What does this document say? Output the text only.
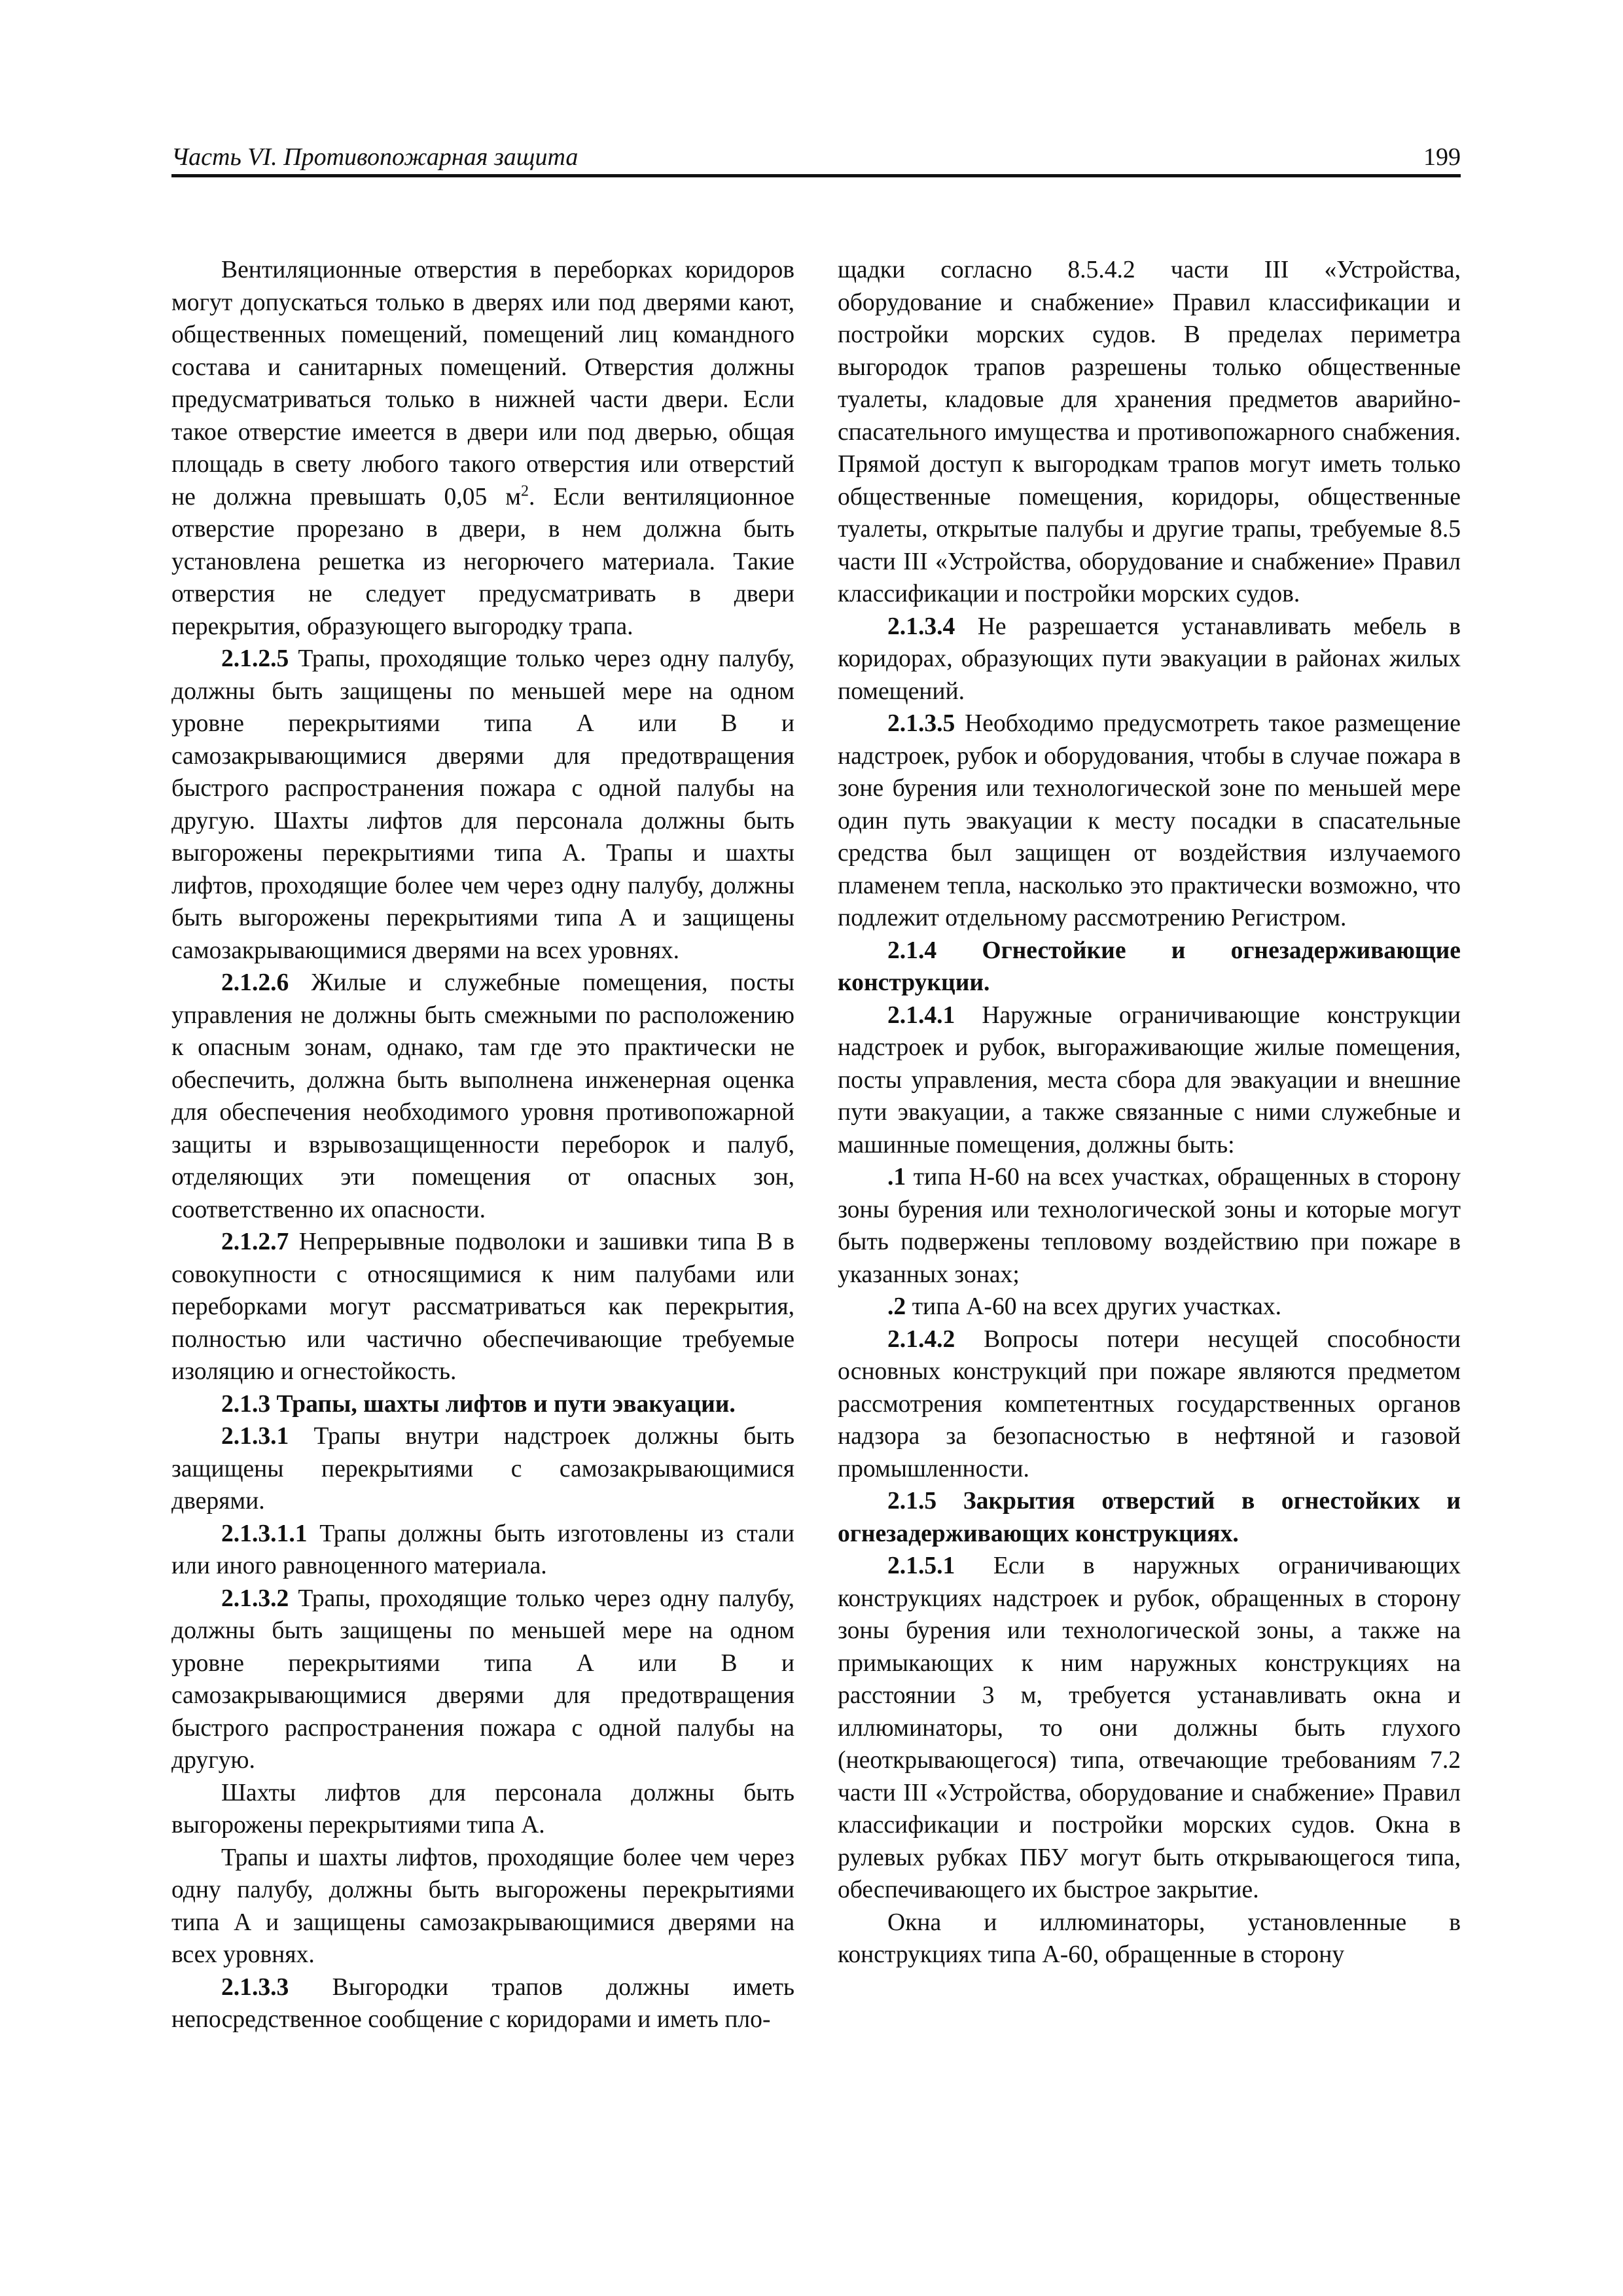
Часть VI. Противопожарная защита	199

Вентиляционные отверстия в переборках коридоров могут допускаться только в дверях или под дверями кают, общественных помещений, помещений лиц командного состава и санитарных помещений. Отверстия должны предусматриваться только в нижней части двери. Если такое отверстие имеется в двери или под дверью, общая площадь в свету любого такого отверстия или отверстий не должна превышать 0,05 $м^2$. Если вентиляционное отверстие прорезано в двери, в нем должна быть установлена решетка из негорючего материала. Такие отверстия не следует предусматривать в двери перекрытия, образующего выгородку трапа.

2.1.2.5 Трапы, проходящие только через одну палубу, должны быть защищены по меньшей мере на одном уровне перекрытиями типа А или В и самозакрывающимися дверями для предотвращения быстрого распространения пожара с одной палубы на другую. Шахты лифтов для персонала должны быть выгорожены перекрытиями типа А. Трапы и шахты лифтов, проходящие более чем через одну палубу, должны быть выгорожены перекрытиями типа А и защищены самозакрывающимися дверями на всех уровнях.

2.1.2.6 Жилые и служебные помещения, посты управления не должны быть смежными по расположению к опасным зонам, однако, там где это практически не обеспечить, должна быть выполнена инженерная оценка для обеспечения необходимого уровня противопожарной защиты и взрывозащищенности переборок и палуб, отделяющих эти помещения от опасных зон, соответственно их опасности.

2.1.2.7 Непрерывные подволоки и зашивки типа В в совокупности с относящимися к ним палубами или переборками могут рассматриваться как перекрытия, полностью или частично обеспечивающие требуемые изоляцию и огнестойкость.

2.1.3 Трапы, шахты лифтов и пути эвакуации.

2.1.3.1 Трапы внутри надстроек должны быть защищены перекрытиями с самозакрывающимися дверями.

2.1.3.1.1 Трапы должны быть изготовлены из стали или иного равноценного материала.

2.1.3.2 Трапы, проходящие только через одну палубу, должны быть защищены по меньшей мере на одном уровне перекрытиями типа А или В и самозакрывающимися дверями для предотвращения быстрого распространения пожара с одной палубы на другую.

Шахты лифтов для персонала должны быть выгорожены перекрытиями типа А.

Трапы и шахты лифтов, проходящие более чем через одну палубу, должны быть выгорожены перекрытиями типа А и защищены самозакрывающимися дверями на всех уровнях.

2.1.3.3 Выгородки трапов должны иметь непосредственное сообщение с коридорами и иметь пло-

щадки согласно 8.5.4.2 части III «Устройства, оборудование и снабжение» Правил классификации и постройки морских судов. В пределах периметра выгородок трапов разрешены только общественные туалеты, кладовые для хранения предметов аварийно-спасательного имущества и противопожарного снабжения. Прямой доступ к выгородкам трапов могут иметь только общественные помещения, коридоры, общественные туалеты, открытые палубы и другие трапы, требуемые 8.5 части III «Устройства, оборудование и снабжение» Правил классификации и постройки морских судов.

2.1.3.4 Не разрешается устанавливать мебель в коридорах, образующих пути эвакуации в районах жилых помещений.

2.1.3.5 Необходимо предусмотреть такое размещение надстроек, рубок и оборудования, чтобы в случае пожара в зоне бурения или технологической зоне по меньшей мере один путь эвакуации к месту посадки в спасательные средства был защищен от воздействия излучаемого пламенем тепла, насколько это практически возможно, что подлежит отдельному рассмотрению Регистром.

2.1.4 Огнестойкие и огнезадерживающие конструкции.

2.1.4.1 Наружные ограничивающие конструкции надстроек и рубок, выгораживающие жилые помещения, посты управления, места сбора для эвакуации и внешние пути эвакуации, а также связанные с ними служебные и машинные помещения, должны быть:

.1 типа Н-60 на всех участках, обращенных в сторону зоны бурения или технологической зоны и которые могут быть подвержены тепловому воздействию при пожаре в указанных зонах;

.2 типа А-60 на всех других участках.

2.1.4.2 Вопросы потери несущей способности основных конструкций при пожаре являются предметом рассмотрения компетентных государственных органов надзора за безопасностью в нефтяной и газовой промышленности.

2.1.5 Закрытия отверстий в огнестойких и огнезадерживающих конструкциях.

2.1.5.1 Если в наружных ограничивающих конструкциях надстроек и рубок, обращенных в сторону зоны бурения или технологической зоны, а также на примыкающих к ним наружных конструкциях на расстоянии 3 м, требуется устанавливать окна и иллюминаторы, то они должны быть глухого (неоткрывающегося) типа, отвечающие требованиям 7.2 части III «Устройства, оборудование и снабжение» Правил классификации и постройки морских судов. Окна в рулевых рубках ПБУ могут быть открывающегося типа, обеспечивающего их быстрое закрытие.

Окна и иллюминаторы, установленные в конструкциях типа А-60, обращенные в сторону
